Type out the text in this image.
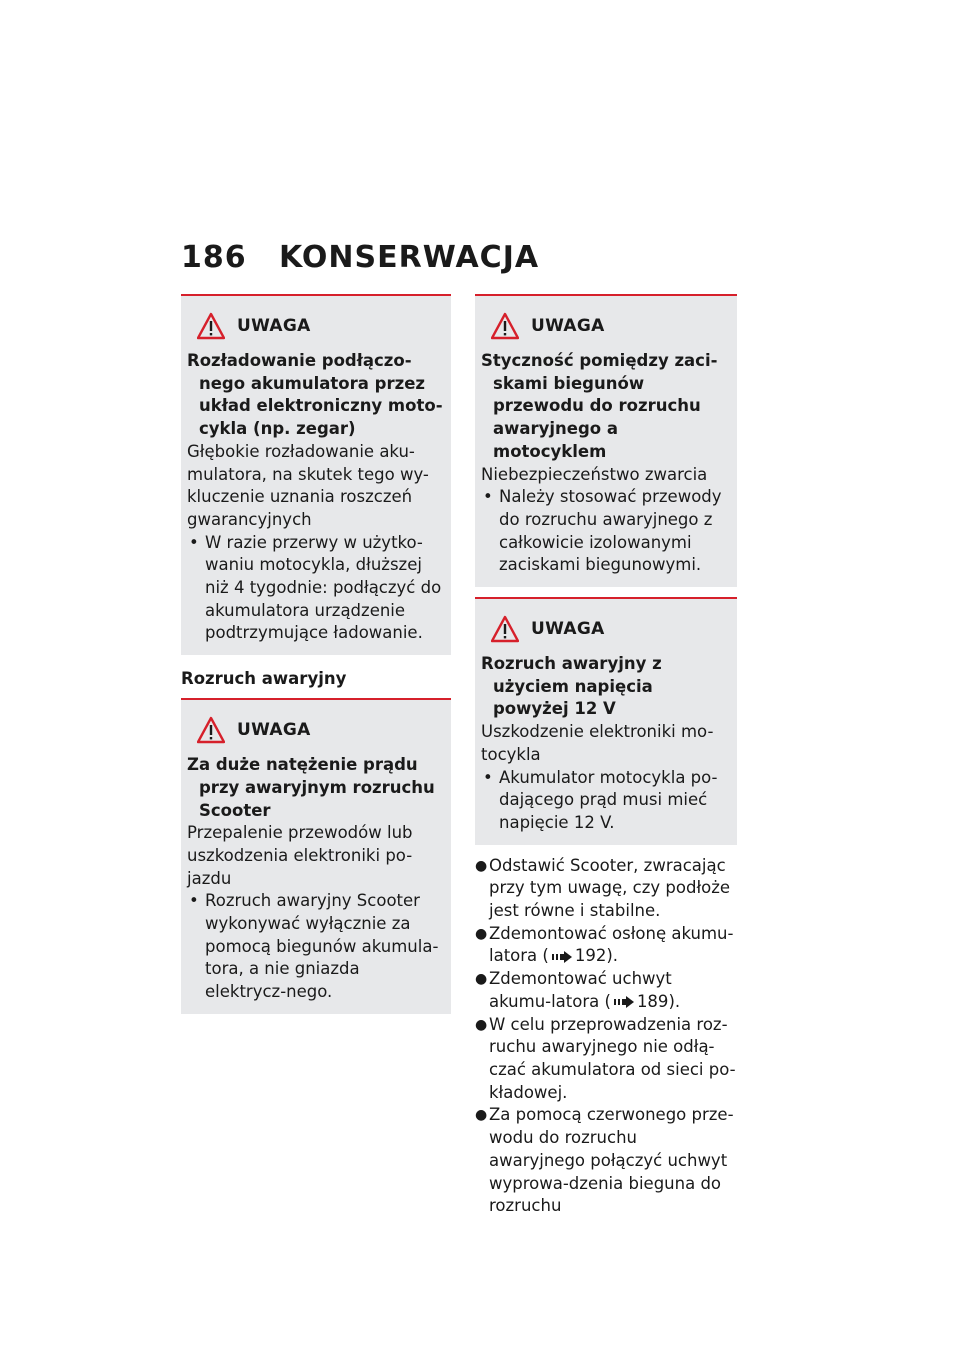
186 KONSERWACJA
UWAGA
Rozładowanie podłączo-nego akumulatora przez układ elektroniczny moto-cykla (np. zegar)
Głębokie rozładowanie aku-mulatora, na skutek tego wy-kluczenie uznania roszczeń gwarancyjnych
• W razie przerwy w użytko-waniu motocykla, dłuższej niż 4 tygodnie: podłączyć do akumulatora urządzenie podtrzymujące ładowanie.
Rozruch awaryjny
UWAGA
Za duże natężenie prądu przy awaryjnym rozruchu Scooter
Przepalenie przewodów lub uszkodzenia elektroniki po-jazdu
• Rozruch awaryjny Scooter wykonywać wyłącznie za pomocą biegunów akumula-tora, a nie gniazda elektrycz-nego.
UWAGA
Styczność pomiędzy zaci-skami biegunów przewodu do rozruchu awaryjnego a motocyklem
Niebezpieczeństwo zwarcia
• Należy stosować przewody do rozruchu awaryjnego z całkowicie izolowanymi zaciskami biegunowymi.
UWAGA
Rozruch awaryjny z użyciem napięcia powyżej 12 V
Uszkodzenie elektroniki mo-tocykla
• Akumulator motocykla po-dającego prąd musi mieć napięcie 12 V.
● Odstawić Scooter, zwracając przy tym uwagę, czy podłoże jest równe i stabilne.
● Zdemontować osłonę akumu-latora ( 192).
● Zdemontować uchwyt akumu-latora ( 189).
● W celu przeprowadzenia roz-ruchu awaryjnego nie odłą-czać akumulatora od sieci po-kładowej.
● Za pomocą czerwonego prze-wodu do rozruchu awaryjnego połączyć uchwyt wyprowa-dzenia bieguna do rozruchu
